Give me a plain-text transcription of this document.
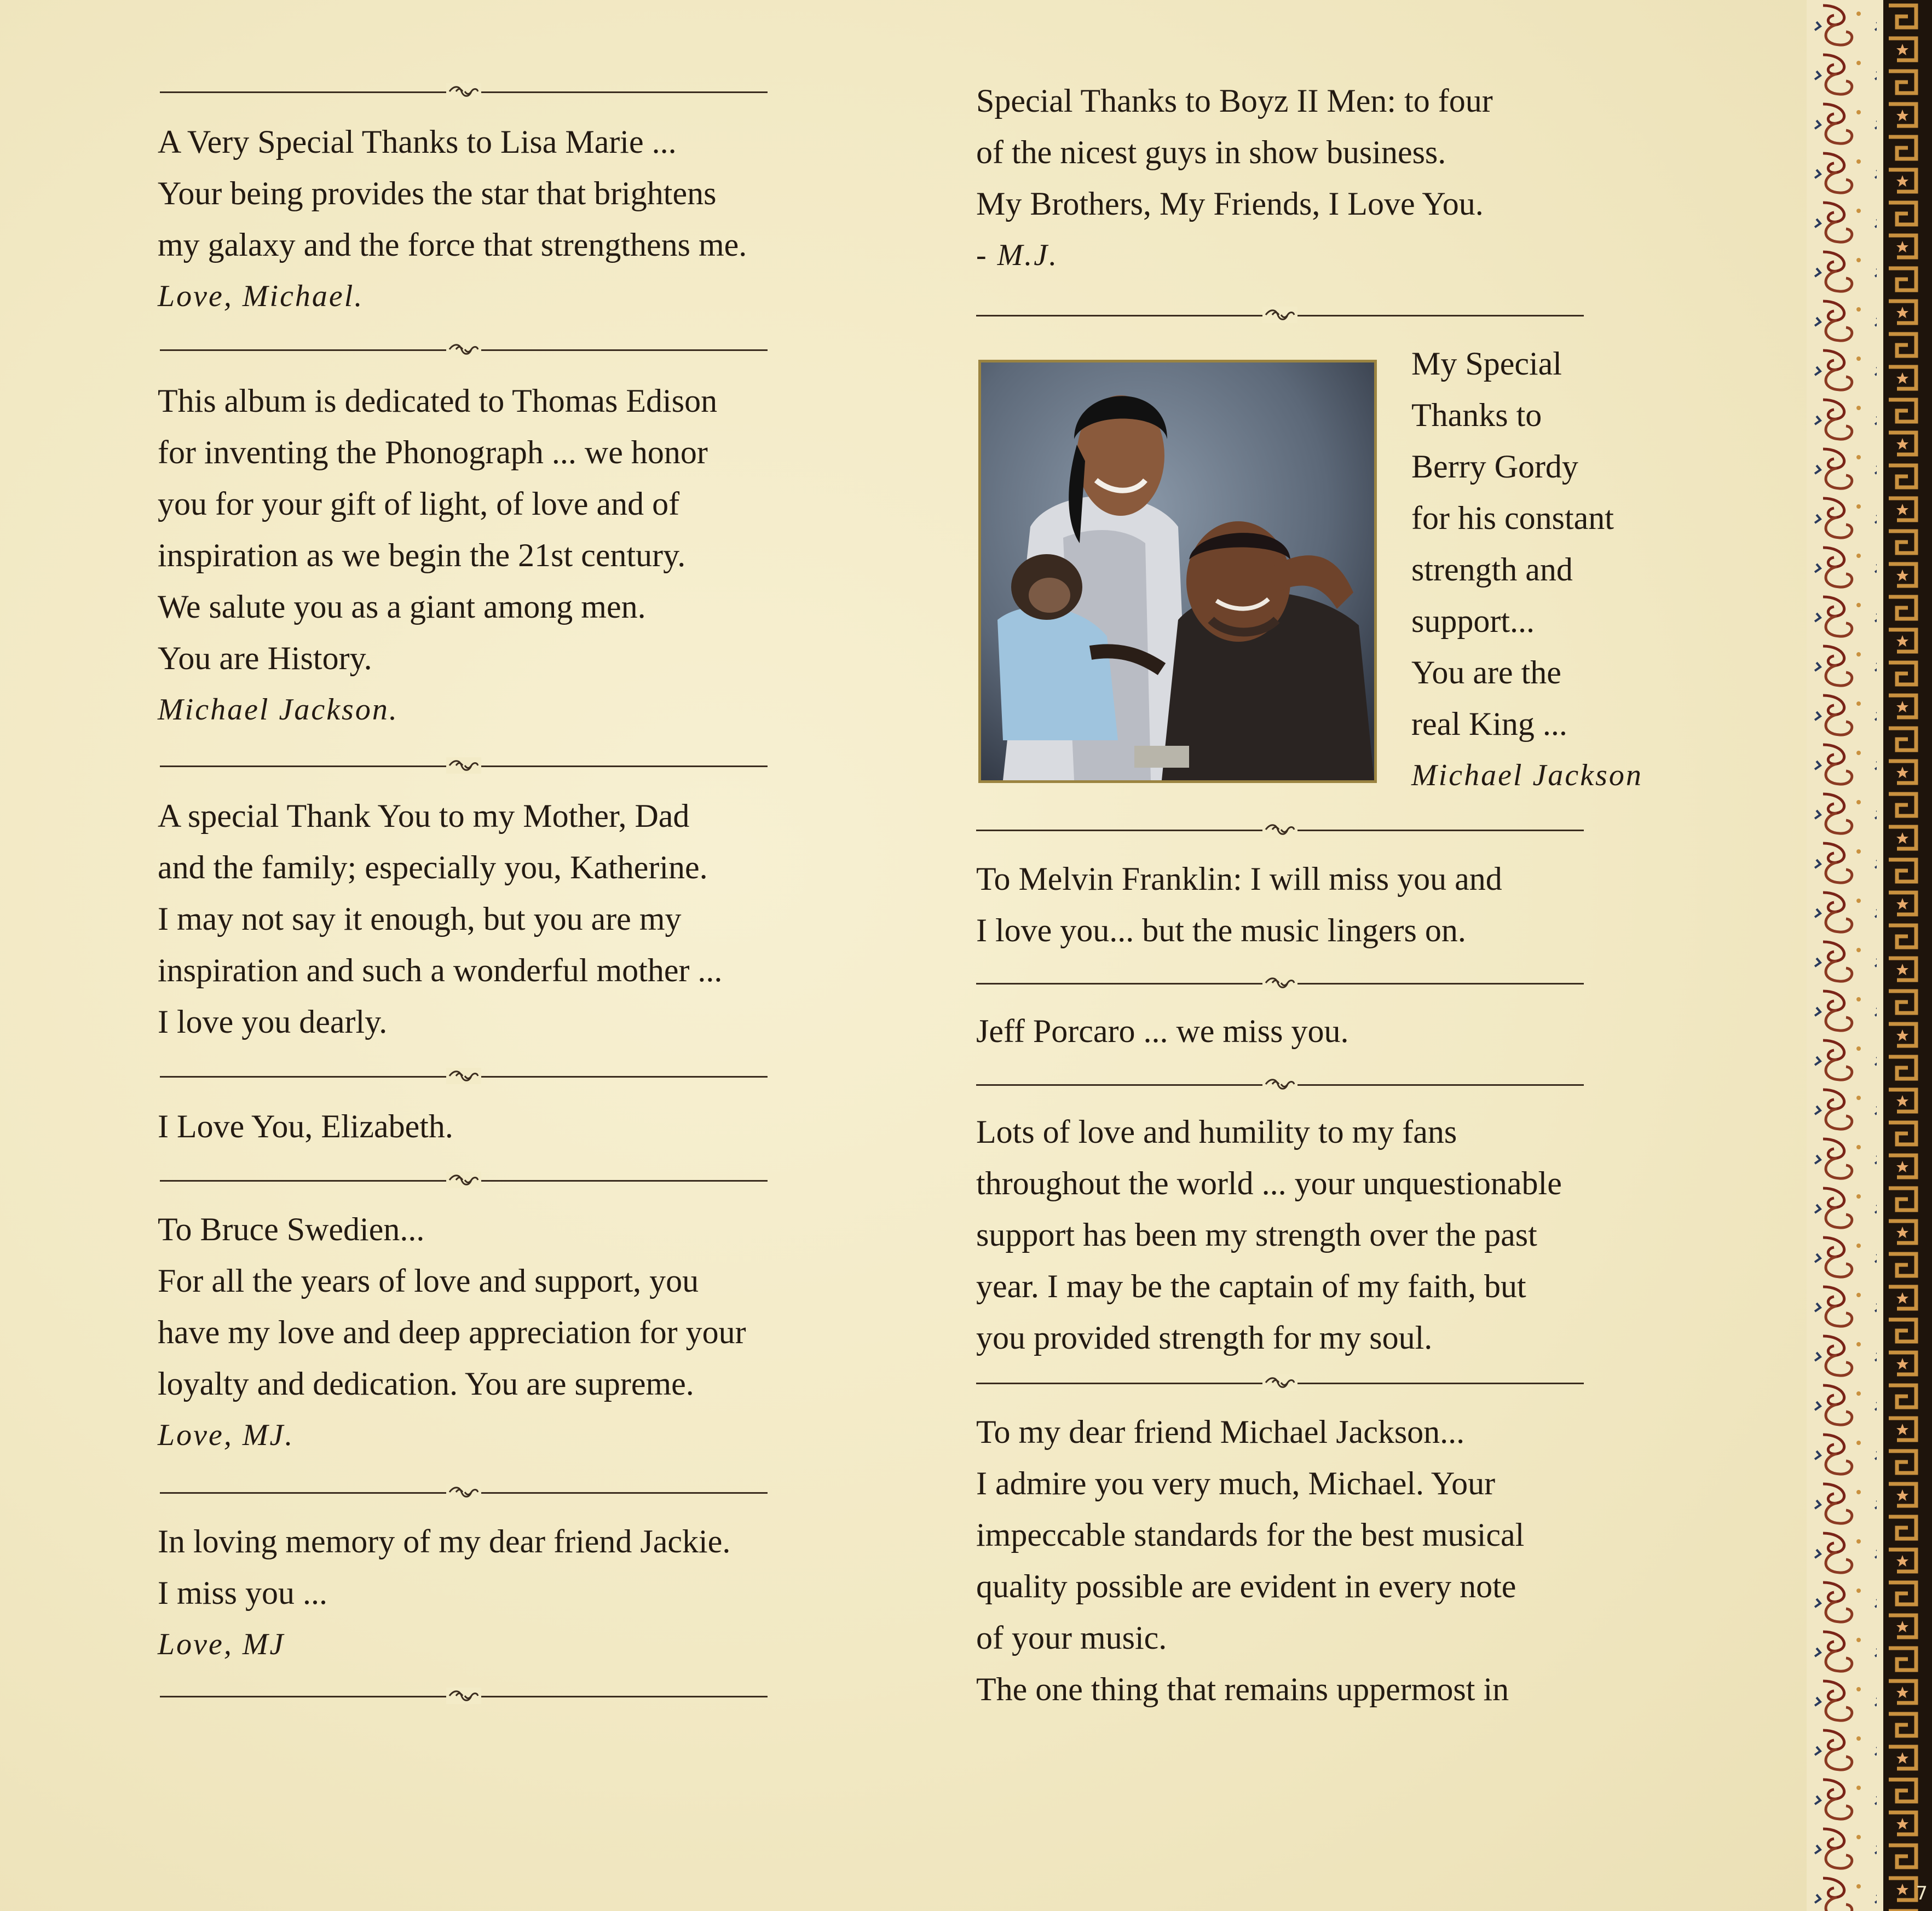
A Very Special Thanks to Lisa Marie ...
Your being provides the star that brightens
my galaxy and the force that strengthens me.
Love, Michael.
This album is dedicated to Thomas Edison
for inventing the Phonograph ... we honor
you for your gift of light, of love and of
inspiration as we begin the 21st century.
We salute you as a giant among men.
You are History.
Michael Jackson.
A special Thank You to my Mother, Dad
and the family; especially you, Katherine.
I may not say it enough, but you are my
inspiration and such a wonderful mother ...
I love you dearly.
I Love You, Elizabeth.
To Bruce Swedien...
For all the years of love and support, you
have my love and deep appreciation for your
loyalty and dedication. You are supreme.
Love, MJ.
In loving memory of my dear friend Jackie.
I miss you ...
Love, MJ
Special Thanks to Boyz II Men: to four
of the nicest guys in show business.
My Brothers, My Friends, I Love You.
- M.J.
My Special
Thanks to
Berry Gordy
for his constant
strength and
support...
You are the
real King ...
Michael Jackson
To Melvin Franklin: I will miss you and
I love you... but the music lingers on.
Jeff Porcaro ... we miss you.
Lots of love and humility to my fans
throughout the world ... your unquestionable
support has been my strength over the past
year. I may be the captain of my faith, but
you provided strength for my soul.
To my dear friend Michael Jackson...
I admire you very much, Michael. Your
impeccable standards for the best musical
quality possible are evident in every note
of your music.
The one thing that remains uppermost in
7
